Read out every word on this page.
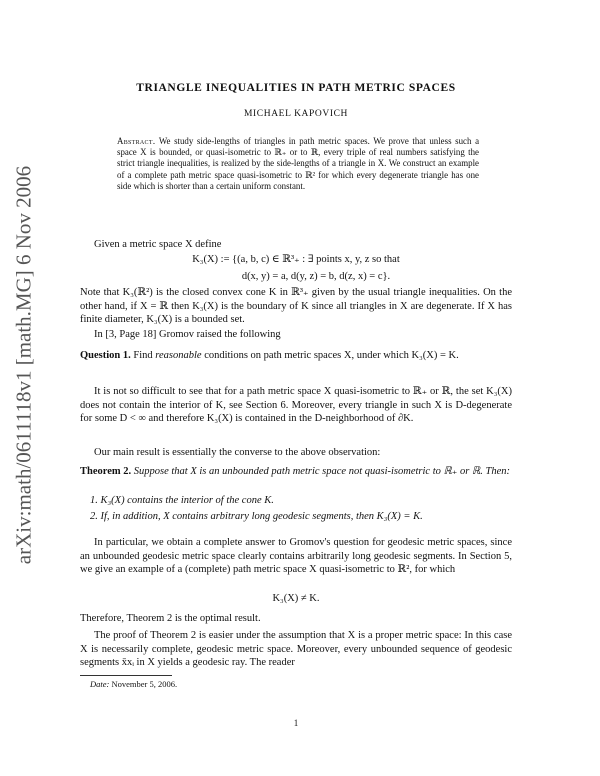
arXiv:math/0611118v1 [math.MG] 6 Nov 2006
TRIANGLE INEQUALITIES IN PATH METRIC SPACES
MICHAEL KAPOVICH
Abstract. We study side-lengths of triangles in path metric spaces. We prove that unless such a space X is bounded, or quasi-isometric to ℝ₊ or to ℝ, every triple of real numbers satisfying the strict triangle inequalities, is realized by the side-lengths of a triangle in X. We construct an example of a complete path metric space quasi-isometric to ℝ² for which every degenerate triangle has one side which is shorter than a certain uniform constant.
Given a metric space X define
K₃(X) := {(a, b, c) ∈ ℝ³₊ : ∃ points x, y, z so that
d(x, y) = a, d(y, z) = b, d(z, x) = c}.
Note that K₃(ℝ²) is the closed convex cone K in ℝ³₊ given by the usual triangle inequalities. On the other hand, if X = ℝ then K₃(X) is the boundary of K since all triangles in X are degenerate. If X has finite diameter, K₃(X) is a bounded set.
In [3, Page 18] Gromov raised the following
Question 1. Find reasonable conditions on path metric spaces X, under which K₃(X) = K.
It is not so difficult to see that for a path metric space X quasi-isometric to ℝ₊ or ℝ, the set K₃(X) does not contain the interior of K, see Section 6. Moreover, every triangle in such X is D-degenerate for some D < ∞ and therefore K₃(X) is contained in the D-neighborhood of ∂K.
Our main result is essentially the converse to the above observation:
Theorem 2. Suppose that X is an unbounded path metric space not quasi-isometric to ℝ₊ or ℝ. Then:
1. K₃(X) contains the interior of the cone K.
2. If, in addition, X contains arbitrary long geodesic segments, then K₃(X) = K.
In particular, we obtain a complete answer to Gromov's question for geodesic metric spaces, since an unbounded geodesic metric space clearly contains arbitrarily long geodesic segments. In Section 5, we give an example of a (complete) path metric space X quasi-isometric to ℝ², for which
K₃(X) ≠ K.
Therefore, Theorem 2 is the optimal result.
The proof of Theorem 2 is easier under the assumption that X is a proper metric space: In this case X is necessarily complete, geodesic metric space. Moreover, every unbounded sequence of geodesic segments x̄xᵢ in X yields a geodesic ray. The reader
Date: November 5, 2006.
1
